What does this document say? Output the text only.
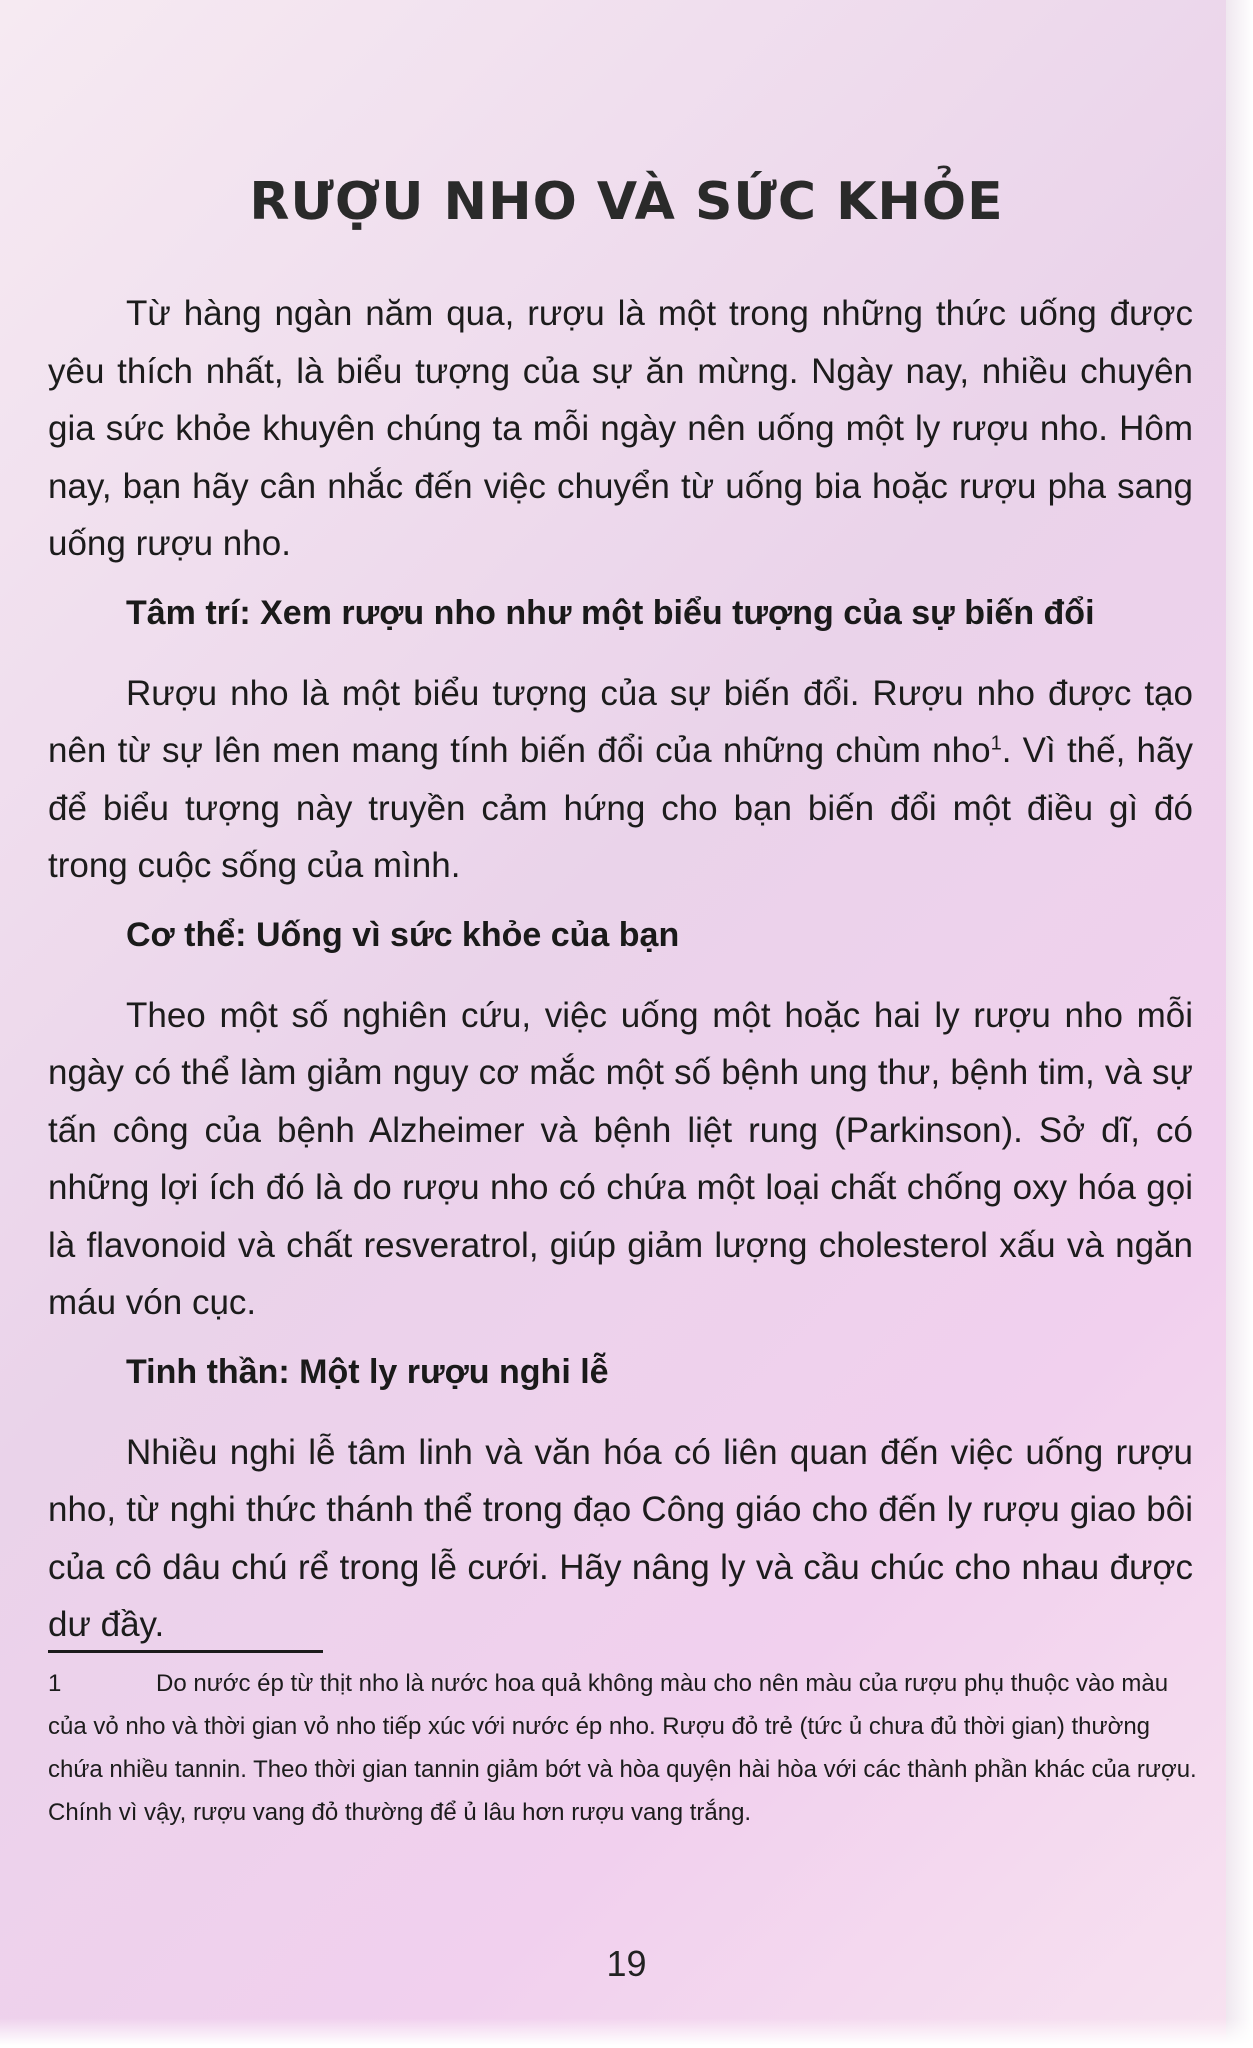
RƯỢU NHO VÀ SỨC KHỎE

Từ hàng ngàn năm qua, rượu là một trong những thức uống được yêu thích nhất, là biểu tượng của sự ăn mừng. Ngày nay, nhiều chuyên gia sức khỏe khuyên chúng ta mỗi ngày nên uống một ly rượu nho. Hôm nay, bạn hãy cân nhắc đến việc chuyển từ uống bia hoặc rượu pha sang uống rượu nho.

Tâm trí: Xem rượu nho như một biểu tượng của sự biến đổi

Rượu nho là một biểu tượng của sự biến đổi. Rượu nho được tạo nên từ sự lên men mang tính biến đổi của những chùm nho$^1$. Vì thế, hãy để biểu tượng này truyền cảm hứng cho bạn biến đổi một điều gì đó trong cuộc sống của mình.

Cơ thể: Uống vì sức khỏe của bạn

Theo một số nghiên cứu, việc uống một hoặc hai ly rượu nho mỗi ngày có thể làm giảm nguy cơ mắc một số bệnh ung thư, bệnh tim, và sự tấn công của bệnh Alzheimer và bệnh liệt rung (Parkinson). Sở dĩ, có những lợi ích đó là do rượu nho có chứa một loại chất chống oxy hóa gọi là flavonoid và chất resveratrol, giúp giảm lượng cholesterol xấu và ngăn máu vón cục.

Tinh thần: Một ly rượu nghi lễ

Nhiều nghi lễ tâm linh và văn hóa có liên quan đến việc uống rượu nho, từ nghi thức thánh thể trong đạo Công giáo cho đến ly rượu giao bôi của cô dâu chú rể trong lễ cưới. Hãy nâng ly và cầu chúc cho nhau được dư đầy.

1	Do nước ép từ thịt nho là nước hoa quả không màu cho nên màu của rượu phụ thuộc vào màu của vỏ nho và thời gian vỏ nho tiếp xúc với nước ép nho. Rượu đỏ trẻ (tức ủ chưa đủ thời gian) thường chứa nhiều tannin. Theo thời gian tannin giảm bớt và hòa quyện hài hòa với các thành phần khác của rượu. Chính vì vậy, rượu vang đỏ thường để ủ lâu hơn rượu vang trắng.
19
